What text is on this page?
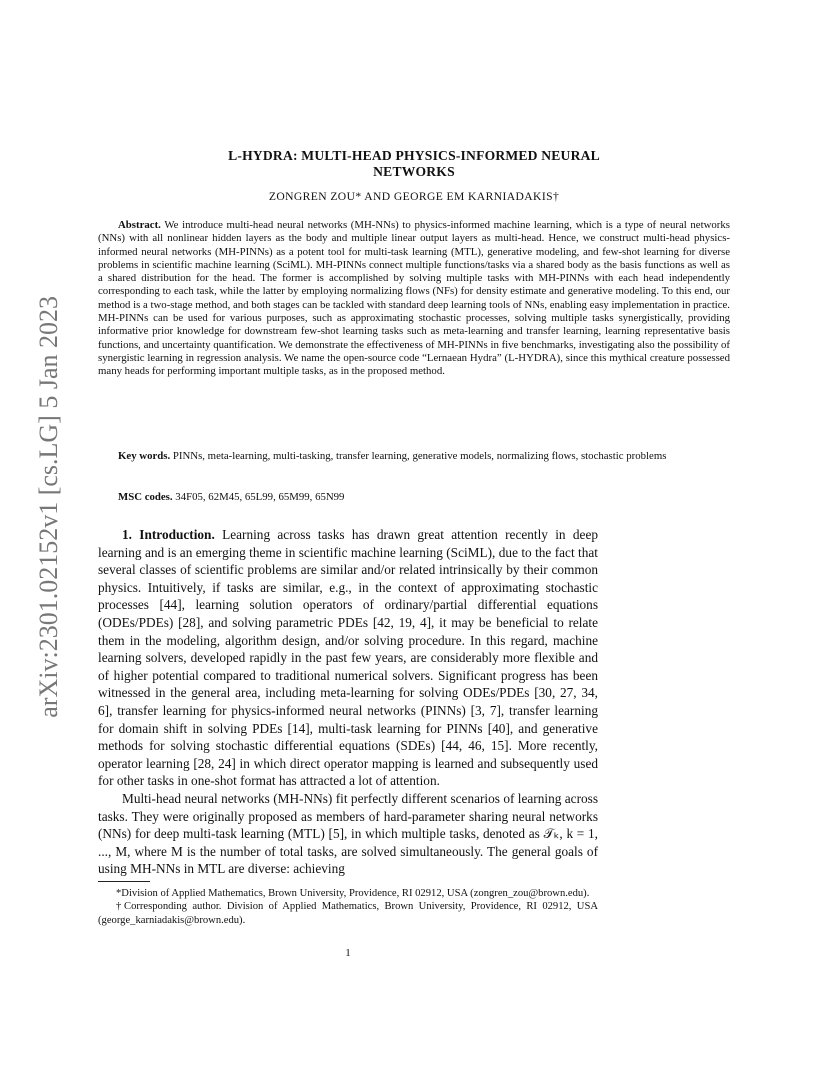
arXiv:2301.02152v1 [cs.LG] 5 Jan 2023
L-HYDRA: MULTI-HEAD PHYSICS-INFORMED NEURAL
NETWORKS
ZONGREN ZOU* AND GEORGE EM KARNIADAKIS†
Abstract. We introduce multi-head neural networks (MH-NNs) to physics-informed machine learning, which is a type of neural networks (NNs) with all nonlinear hidden layers as the body and multiple linear output layers as multi-head. Hence, we construct multi-head physics-informed neural networks (MH-PINNs) as a potent tool for multi-task learning (MTL), generative modeling, and few-shot learning for diverse problems in scientific machine learning (SciML). MH-PINNs connect multiple functions/tasks via a shared body as the basis functions as well as a shared distribution for the head. The former is accomplished by solving multiple tasks with MH-PINNs with each head independently corresponding to each task, while the latter by employing normalizing flows (NFs) for density estimate and generative modeling. To this end, our method is a two-stage method, and both stages can be tackled with standard deep learning tools of NNs, enabling easy implementation in practice. MH-PINNs can be used for various purposes, such as approximating stochastic processes, solving multiple tasks synergistically, providing informative prior knowledge for downstream few-shot learning tasks such as meta-learning and transfer learning, learning representative basis functions, and uncertainty quantification. We demonstrate the effectiveness of MH-PINNs in five benchmarks, investigating also the possibility of synergistic learning in regression analysis. We name the open-source code “Lernaean Hydra” (L-HYDRA), since this mythical creature possessed many heads for performing important multiple tasks, as in the proposed method.
Key words. PINNs, meta-learning, multi-tasking, transfer learning, generative models, normalizing flows, stochastic problems
MSC codes. 34F05, 62M45, 65L99, 65M99, 65N99

1. Introduction. Learning across tasks has drawn great attention recently in deep learning and is an emerging theme in scientific machine learning (SciML), due to the fact that several classes of scientific problems are similar and/or related intrinsically by their common physics. Intuitively, if tasks are similar, e.g., in the context of approximating stochastic processes [44], learning solution operators of ordinary/partial differential equations (ODEs/PDEs) [28], and solving parametric PDEs [42, 19, 4], it may be beneficial to relate them in the modeling, algorithm design, and/or solving procedure. In this regard, machine learning solvers, developed rapidly in the past few years, are considerably more flexible and of higher potential compared to traditional numerical solvers. Significant progress has been witnessed in the general area, including meta-learning for solving ODEs/PDEs [30, 27, 34, 6], transfer learning for physics-informed neural networks (PINNs) [3, 7], transfer learning for domain shift in solving PDEs [14], multi-task learning for PINNs [40], and generative methods for solving stochastic differential equations (SDEs) [44, 46, 15]. More recently, operator learning [28, 24] in which direct operator mapping is learned and subsequently used for other tasks in one-shot format has attracted a lot of attention.

Multi-head neural networks (MH-NNs) fit perfectly different scenarios of learning across tasks. They were originally proposed as members of hard-parameter sharing neural networks (NNs) for deep multi-task learning (MTL) [5], in which multiple tasks, denoted as 𝒯ₖ, k = 1, ..., M, where M is the number of total tasks, are solved simultaneously. The general goals of using MH-NNs in MTL are diverse: achieving

*Division of Applied Mathematics, Brown University, Providence, RI 02912, USA (zongren_zou@brown.edu).

†Corresponding author. Division of Applied Mathematics, Brown University, Providence, RI 02912, USA (george_karniadakis@brown.edu).

1
